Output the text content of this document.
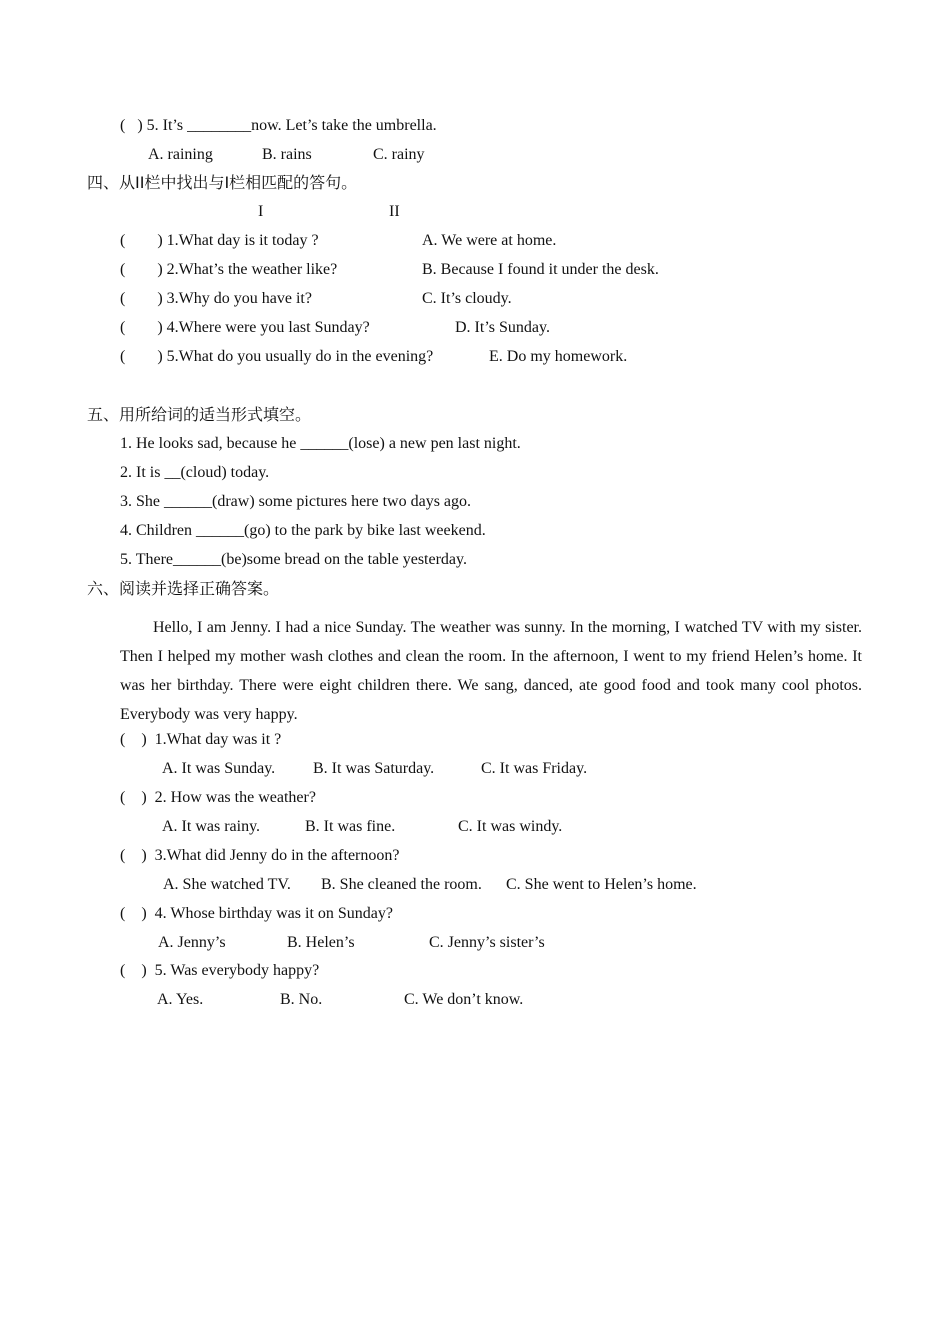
(   ) 5. It’s ________now. Let’s take the umbrella.
A. raining	B. rains	C. rainy
四、从II栏中找出与I栏相匹配的答句。
I	II
(        ) 1.What day is it today ?	A. We were at home.
(        ) 2.What’s the weather like?	B. Because I found it under the desk.
(        ) 3.Why do you have it?	C. It’s cloudy.
(        ) 4.Where were you last Sunday?	D. It’s Sunday.
(        ) 5.What do you usually do in the evening?	E. Do my homework.
五、用所给词的适当形式填空。
1. He looks sad, because he ______(lose) a new pen last night.
2. It is __(cloud) today.
3. She ______(draw) some pictures here two days ago.
4. Children ______(go) to the park by bike last weekend.
5. There______(be)some bread on the table yesterday.
六、阅读并选择正确答案。
Hello, I am Jenny. I had a nice Sunday. The weather was sunny. In the morning, I watched TV with my sister. Then I helped my mother wash clothes and clean the room. In the afternoon, I went to my friend Helen’s home. It was her birthday. There were eight children there. We sang, danced, ate good food and took many cool photos. Everybody was very happy.
(    )  1.What day was it ?
A. It was Sunday. B. It was Saturday.	C. It was Friday.
(    )  2. How was the weather?
A. It was rainy.	B. It was fine.	C. It was windy.
(    )  3.What did Jenny do in the afternoon?
A. She watched TV. B. She cleaned the room. C. She went to Helen’s home.
(    )  4. Whose birthday was it on Sunday?
A. Jenny’s	B. Helen’s	C. Jenny’s sister’s
(    )  5. Was everybody happy?
A. Yes.	B. No.	C. We don’t know.
